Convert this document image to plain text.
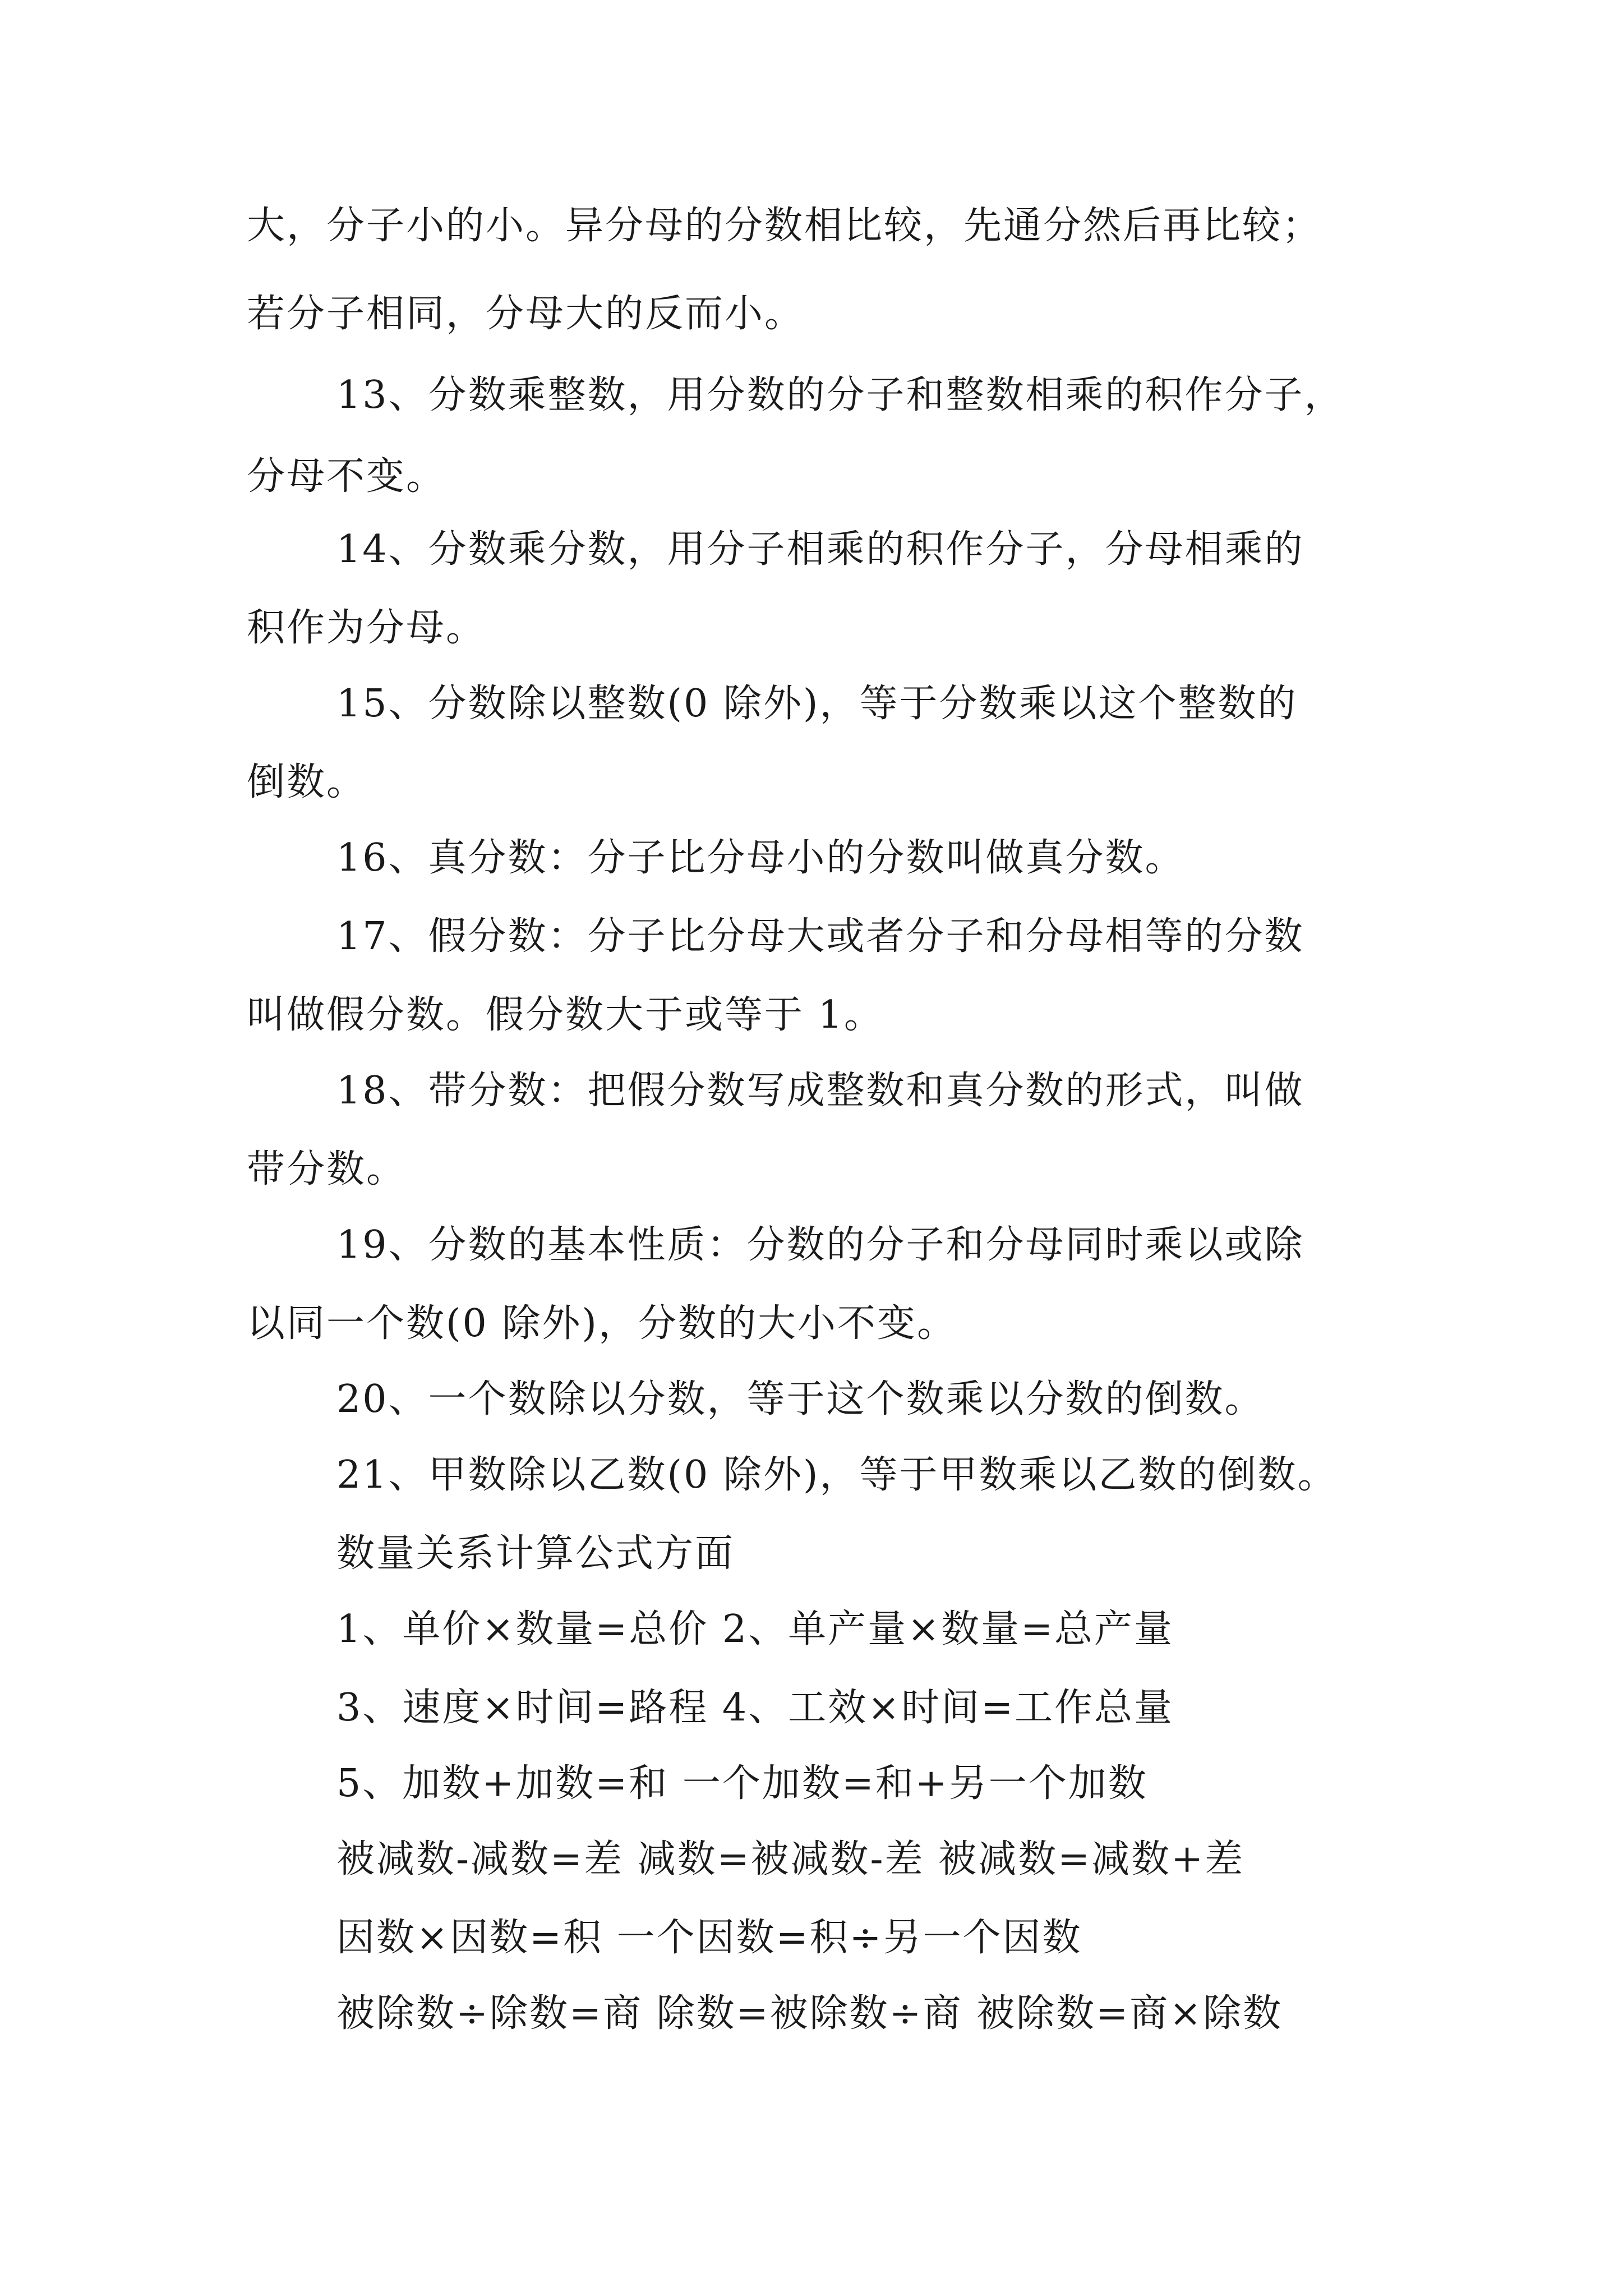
大，分子小的小。异分母的分数相比较，先通分然后再比较；
若分子相同，分母大的反而小。
13、分数乘整数，用分数的分子和整数相乘的积作分子，
分母不变。
14、分数乘分数，用分子相乘的积作分子，分母相乘的
积作为分母。
15、分数除以整数(0 除外)，等于分数乘以这个整数的
倒数。
16、真分数：分子比分母小的分数叫做真分数。
17、假分数：分子比分母大或者分子和分母相等的分数
叫做假分数。假分数大于或等于 1。
18、带分数：把假分数写成整数和真分数的形式，叫做
带分数。
19、分数的基本性质：分数的分子和分母同时乘以或除
以同一个数(0 除外)，分数的大小不变。
20、一个数除以分数，等于这个数乘以分数的倒数。
21、甲数除以乙数(0 除外)，等于甲数乘以乙数的倒数。
数量关系计算公式方面
1、单价×数量=总价 2、单产量×数量=总产量
3、速度×时间=路程 4、工效×时间=工作总量
5、加数+加数=和 一个加数=和+另一个加数
被减数-减数=差 减数=被减数-差 被减数=减数+差
因数×因数=积 一个因数=积÷另一个因数
被除数÷除数=商 除数=被除数÷商 被除数=商×除数
